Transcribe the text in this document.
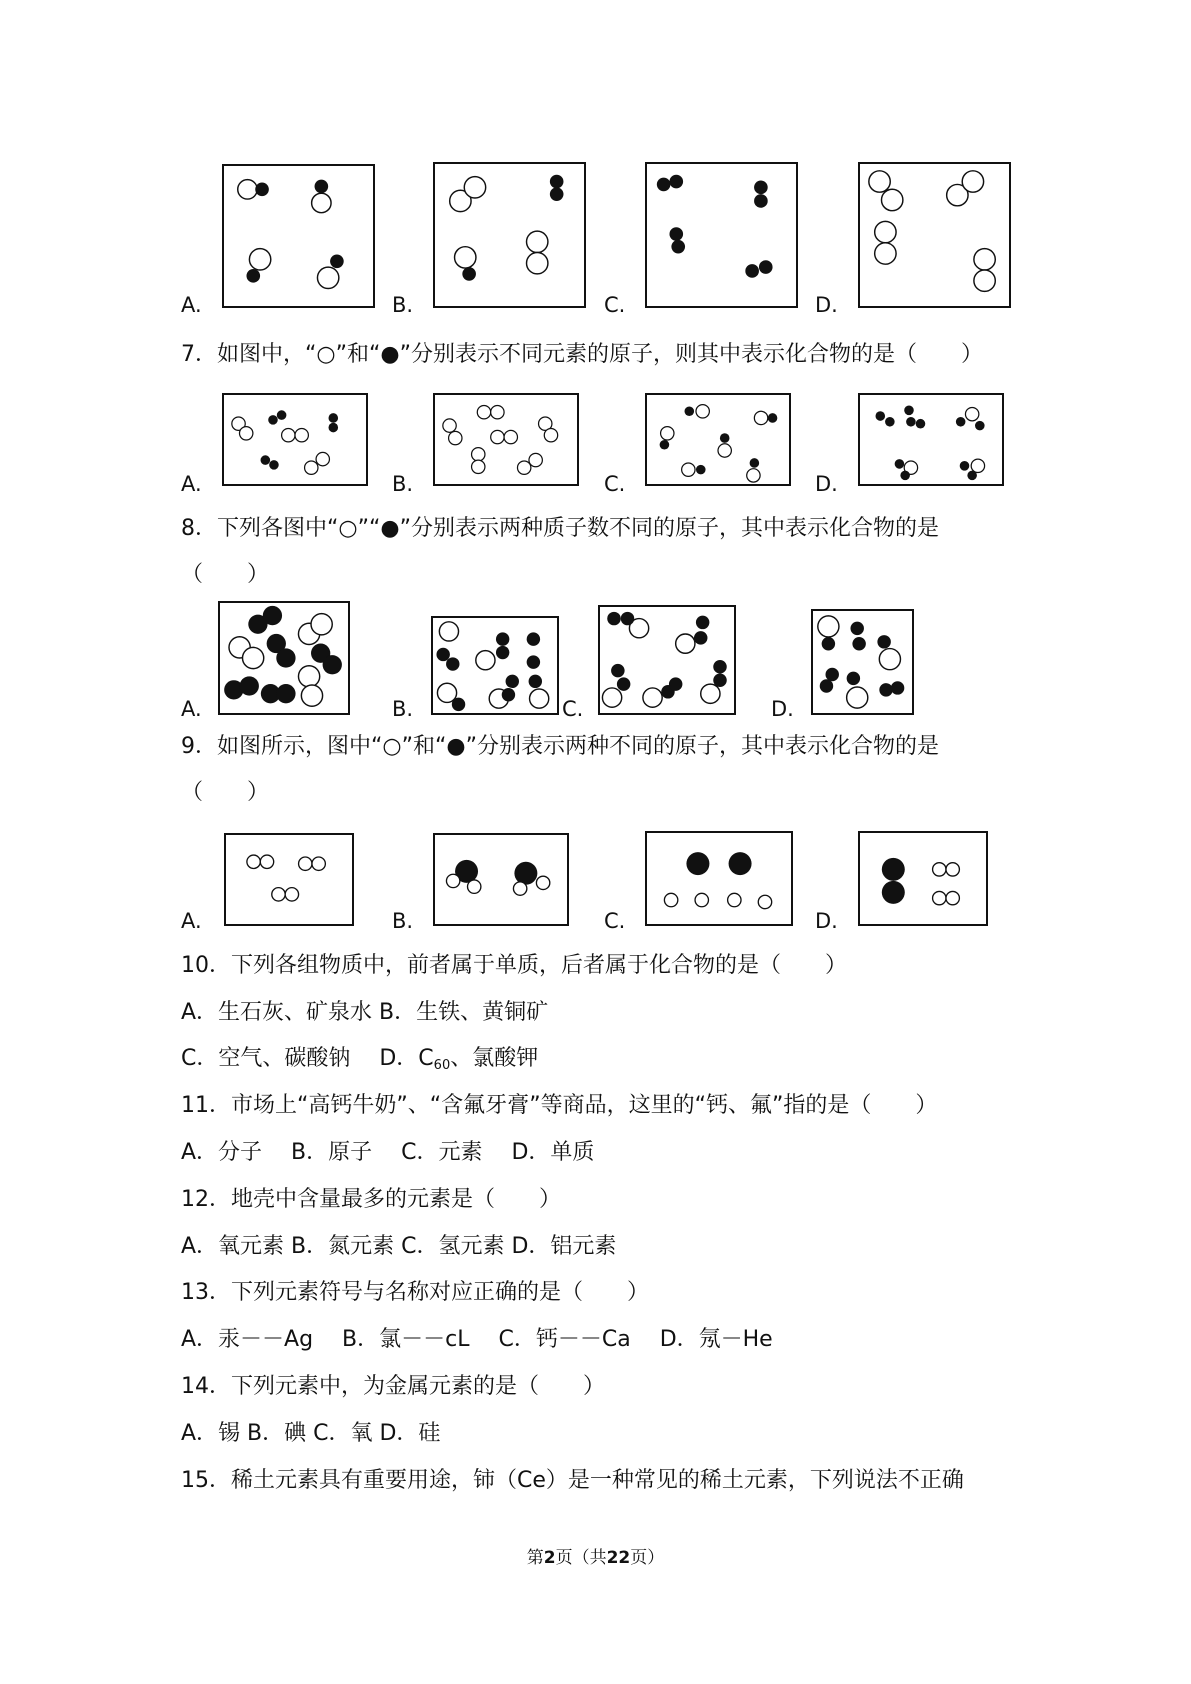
A.	B.	C.	D.
7．如图中，“○”和“●”分别表示不同元素的原子，则其中表示化合物的是（　　）
A.	B.	C.	D.
8．下列各图中“○”“●”分别表示两种质子数不同的原子，其中表示化合物的是
（　　）
A.	B.	C.	D.
9．如图所示，图中“○”和“●”分别表示两种不同的原子，其中表示化合物的是
（　　）
A.	B.	C.	D.
10．下列各组物质中，前者属于单质，后者属于化合物的是（　　）
A．生石灰、矿泉水 B．生铁、黄铜矿
C．空气、碳酸钠　 D．$C_{60}$、氯酸钾
11．市场上“高钙牛奶”、“含氟牙膏”等商品，这里的“钙、氟”指的是（　　）
A．分子　 B．原子　 C．元素　 D．单质
12．地壳中含量最多的元素是（　　）
A．氧元素 B．氮元素 C．氢元素 D．铝元素
13．下列元素符号与名称对应正确的是（　　）
A．汞－－Ag　 B．氯－－cL　 C．钙－－Ca　 D．氖－He
14．下列元素中，为金属元素的是（　　）
A．锡 B．碘 C．氧 D．硅
15．稀土元素具有重要用途，铈（Ce）是一种常见的稀土元素，下列说法不正确
第2页（共22页）
